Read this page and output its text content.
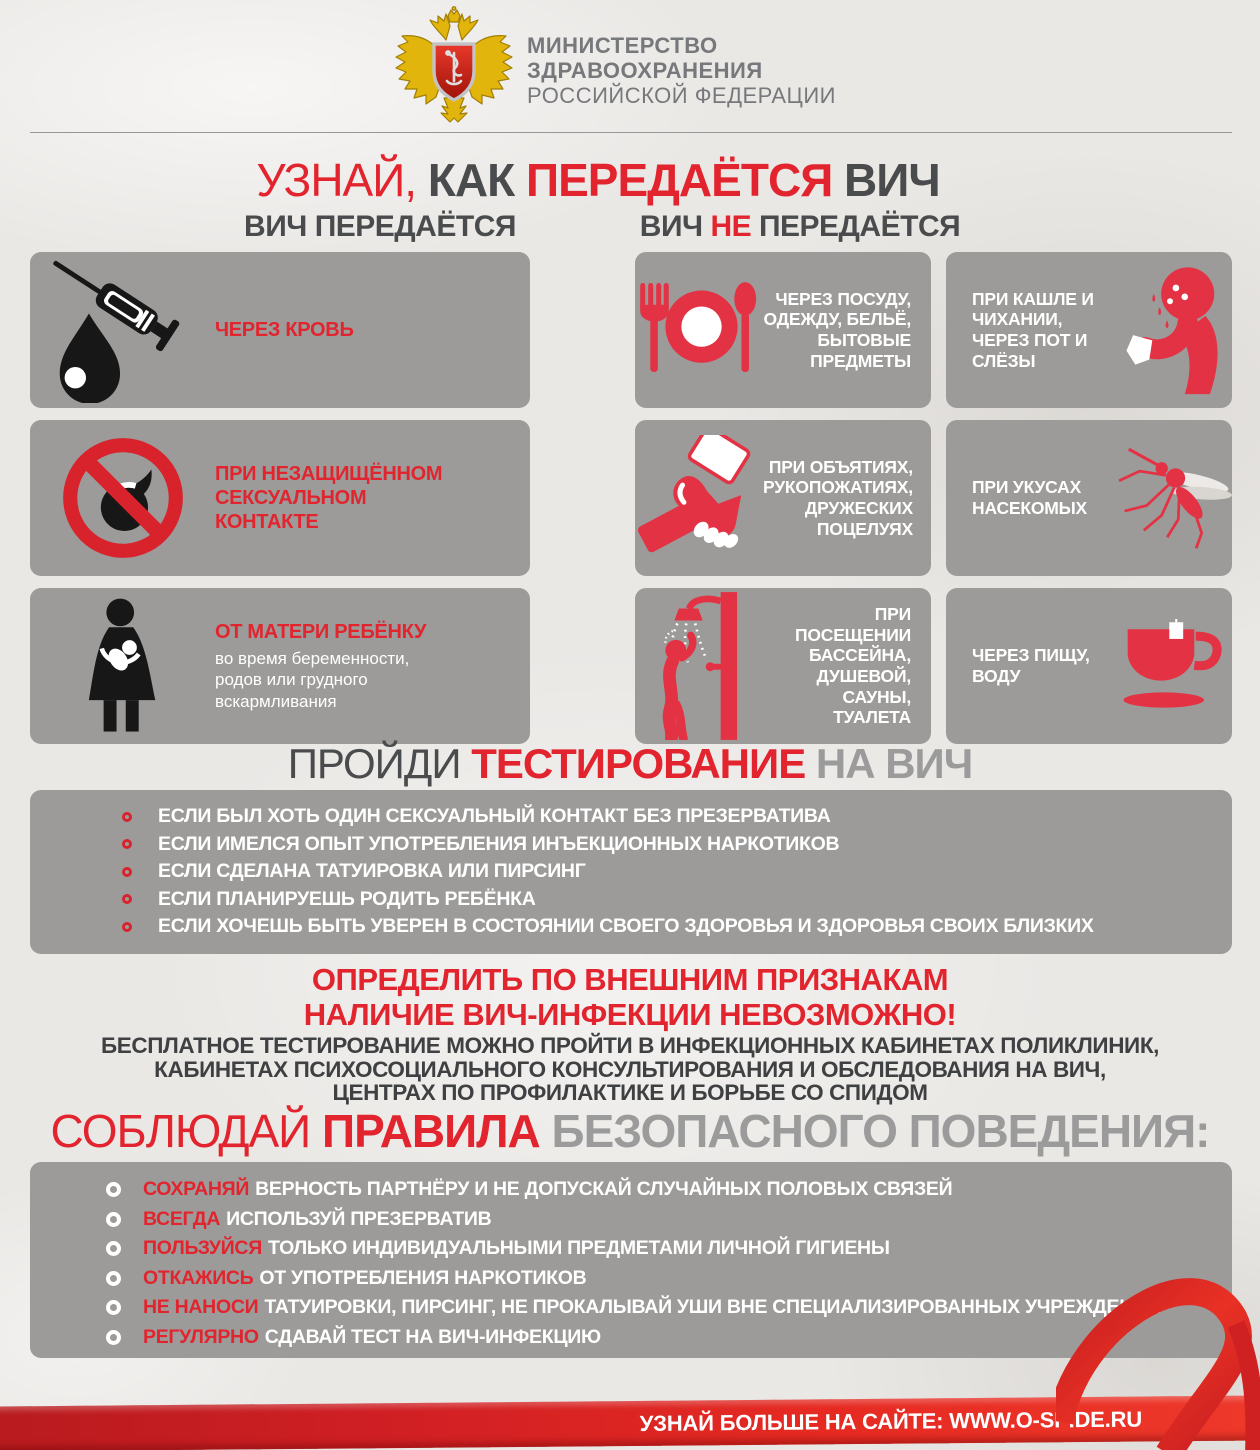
МИНИСТЕРСТВО
ЗДРАВООХРАНЕНИЯ
РОССИЙСКОЙ ФЕДЕРАЦИИ
УЗНАЙ, КАК ПЕРЕДАЁТСЯ ВИЧ
ВИЧ ПЕРЕДАЁТСЯ	ВИЧ НЕ ПЕРЕДАЁТСЯ
ЧЕРЕЗ КРОВЬ
ПРИ НЕЗАЩИЩЁННОМ СЕКСУАЛЬНОМ КОНТАКТЕ
ОТ МАТЕРИ РЕБЁНКУ
во время беременности, родов или грудного вскармливания
ЧЕРЕЗ ПОСУДУ, ОДЕЖДУ, БЕЛЬЁ, БЫТОВЫЕ ПРЕДМЕТЫ
ПРИ КАШЛЕ И ЧИХАНИИ, ЧЕРЕЗ ПОТ И СЛЁЗЫ
ПРИ ОБЪЯТИЯХ, РУКОПОЖАТИЯХ, ДРУЖЕСКИХ ПОЦЕЛУЯХ
ПРИ УКУСАХ НАСЕКОМЫХ
ПРИ ПОСЕЩЕНИИ БАССЕЙНА, ДУШЕВОЙ, САУНЫ, ТУАЛЕТА
ЧЕРЕЗ ПИЩУ, ВОДУ
ПРОЙДИ ТЕСТИРОВАНИЕ НА ВИЧ
ЕСЛИ БЫЛ ХОТЬ ОДИН СЕКСУАЛЬНЫЙ КОНТАКТ БЕЗ ПРЕЗЕРВАТИВА
ЕСЛИ ИМЕЛСЯ ОПЫТ УПОТРЕБЛЕНИЯ ИНЪЕКЦИОННЫХ НАРКОТИКОВ
ЕСЛИ СДЕЛАНА ТАТУИРОВКА ИЛИ ПИРСИНГ
ЕСЛИ ПЛАНИРУЕШЬ РОДИТЬ РЕБЁНКА
ЕСЛИ ХОЧЕШЬ БЫТЬ УВЕРЕН В СОСТОЯНИИ СВОЕГО ЗДОРОВЬЯ И ЗДОРОВЬЯ СВОИХ БЛИЗКИХ
ОПРЕДЕЛИТЬ ПО ВНЕШНИМ ПРИЗНАКАМ
НАЛИЧИЕ ВИЧ-ИНФЕКЦИИ НЕВОЗМОЖНО!
БЕСПЛАТНОЕ ТЕСТИРОВАНИЕ МОЖНО ПРОЙТИ В ИНФЕКЦИОННЫХ КАБИНЕТАХ ПОЛИКЛИНИК,
КАБИНЕТАХ ПСИХОСОЦИАЛЬНОГО КОНСУЛЬТИРОВАНИЯ И ОБСЛЕДОВАНИЯ НА ВИЧ,
ЦЕНТРАХ ПО ПРОФИЛАКТИКЕ И БОРЬБЕ СО СПИДОМ
СОБЛЮДАЙ ПРАВИЛА БЕЗОПАСНОГО ПОВЕДЕНИЯ:
СОХРАНЯЙ ВЕРНОСТЬ ПАРТНЁРУ И НЕ ДОПУСКАЙ СЛУЧАЙНЫХ ПОЛОВЫХ СВЯЗЕЙ
ВСЕГДА ИСПОЛЬЗУЙ ПРЕЗЕРВАТИВ
ПОЛЬЗУЙСЯ ТОЛЬКО ИНДИВИДУАЛЬНЫМИ ПРЕДМЕТАМИ ЛИЧНОЙ ГИГИЕНЫ
ОТКАЖИСЬ ОТ УПОТРЕБЛЕНИЯ НАРКОТИКОВ
НЕ НАНОСИ ТАТУИРОВКИ, ПИРСИНГ, НЕ ПРОКАЛЫВАЙ УШИ ВНЕ СПЕЦИАЛИЗИРОВАННЫХ УЧРЕЖДЕНИЙ
РЕГУЛЯРНО СДАВАЙ ТЕСТ НА ВИЧ-ИНФЕКЦИЮ
УЗНАЙ БОЛЬШЕ НА САЙТЕ: WWW.O-SPIDE.RU
